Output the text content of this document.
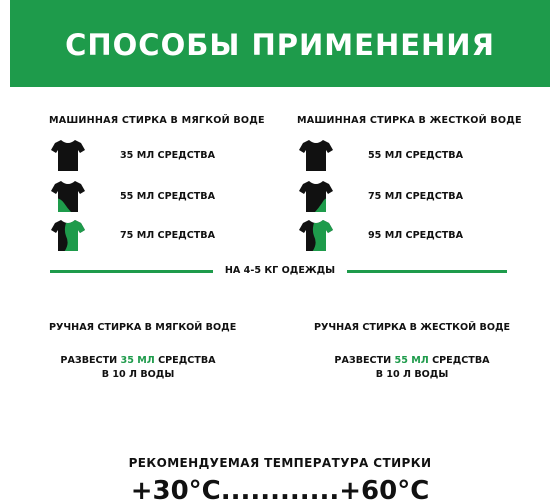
СПОСОБЫ ПРИМЕНЕНИЯ
МАШИННАЯ СТИРКА В МЯГКОЙ ВОДЕ
35 МЛ СРЕДСТВА
55 МЛ СРЕДСТВА
75 МЛ СРЕДСТВА
МАШИННАЯ СТИРКА В ЖЕСТКОЙ ВОДЕ
55 МЛ СРЕДСТВА
75 МЛ СРЕДСТВА
95 МЛ СРЕДСТВА
НА 4-5 КГ ОДЕЖДЫ
РУЧНАЯ СТИРКА В МЯГКОЙ ВОДЕ
РАЗВЕСТИ 35 МЛ СРЕДСТВА
В 10 Л ВОДЫ
РУЧНАЯ СТИРКА В ЖЕСТКОЙ ВОДЕ
РАЗВЕСТИ 55 МЛ СРЕДСТВА
В 10 Л ВОДЫ
РЕКОМЕНДУЕМАЯ ТЕМПЕРАТУРА СТИРКИ
+30°C............+60°C
